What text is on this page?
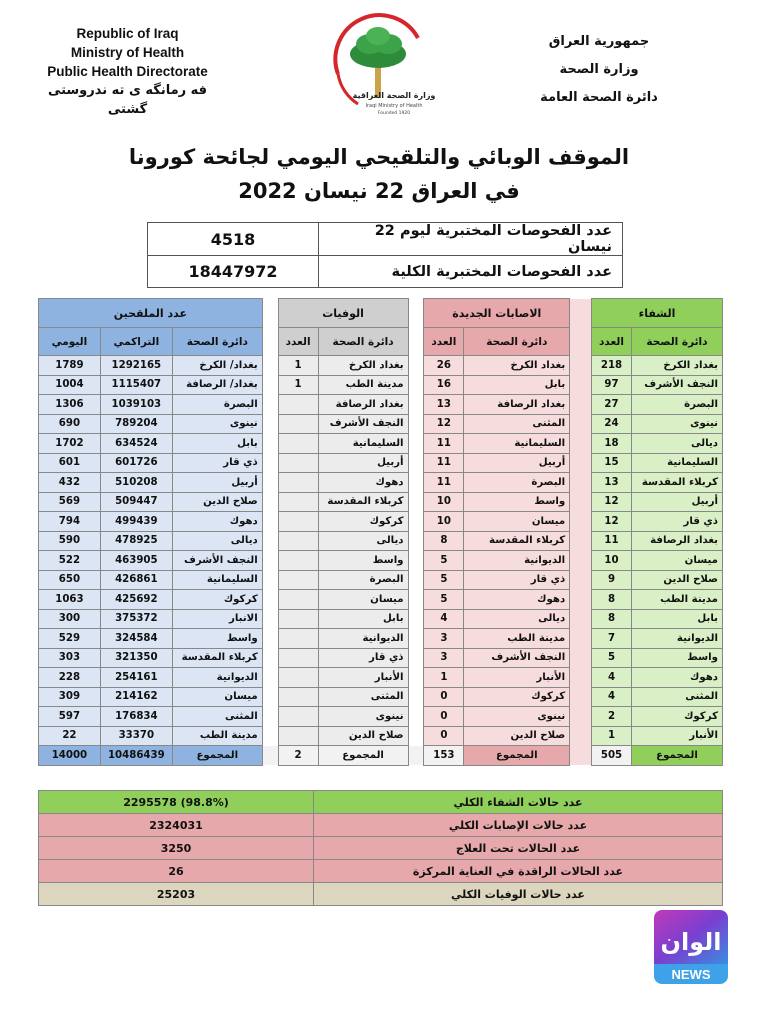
Republic of Iraq
Ministry of Health
Public Health Directorate
فه رمانگه ى ته ندروستى گشتى
وزارة الصحة العراقية
Iraqi Ministry of Health
Founded 1920
جمهورية العراق
وزارة الصحة
دائرة الصحة العامة
الموقف الوبائي والتلقيحي اليومي لجائحة كورونا
في العراق 22 نيسان 2022
4518	عدد الفحوصات المختبرية ليوم 22 نيسان
18447972	عدد الفحوصات المختبرية الكلية
عدد الملقحين				الوفيات			الاصابات الجديدة			الشفاء	
اليومي	التراكمي	دائرة الصحة		العدد	دائرة الصحة		العدد	دائرة الصحة		العدد	دائرة الصحة
1789	1292165	بغداد/ الكرخ		1	بغداد الكرخ		26	بغداد الكرخ		218	بغداد الكرخ
1004	1115407	بغداد/ الرصافة		1	مدينة الطب		16	بابل		97	النجف الأشرف
1306	1039103	البصرة			بغداد الرصافة		13	بغداد الرصافة		27	البصرة
690	789204	نينوى			النجف الأشرف		12	المثنى		24	نينوى
1702	634524	بابل			السليمانية		11	السليمانية		18	ديالى
601	601726	ذي قار			أربيل		11	أربيل		15	السليمانية
432	510208	أربيل			دهوك		11	البصرة		13	كربلاء المقدسة
569	509447	صلاح الدين			كربلاء المقدسة		10	واسط		12	أربيل
794	499439	دهوك			كركوك		10	ميسان		12	ذي قار
590	478925	ديالى			ديالى		8	كربلاء المقدسة		11	بغداد الرصافة
522	463905	النجف الأشرف			واسط		5	الديوانية		10	ميسان
650	426861	السليمانية			البصرة		5	ذي قار		9	صلاح الدين
1063	425692	كركوك			ميسان		5	دهوك		8	مدينة الطب
300	375372	الانبار			بابل		4	ديالى		8	بابل
529	324584	واسط			الديوانية		3	مدينة الطب		7	الديوانية
303	321350	كربلاء المقدسة			ذي قار		3	النجف الأشرف		5	واسط
228	254161	الديوانية			الأنبار		1	الأنبار		4	دهوك
309	214162	ميسان			المثنى		0	كركوك		4	المثنى
597	176834	المثنى			نينوى		0	نينوى		2	كركوك
22	33370	مدينة الطب			صلاح الدين		0	صلاح الدين		1	الأنبار
14000	10486439	المجموع		2	المجموع		153	المجموع		505	المجموع
2295578 (98.8%)	عدد حالات الشفاء الكلي
2324031	عدد حالات الإصابات الكلي
3250	عدد الحالات تحت العلاج
26	عدد الحالات الراقدة في العناية المركزة
25203	عدد حالات الوفيات الكلي
الوان
NEWS
